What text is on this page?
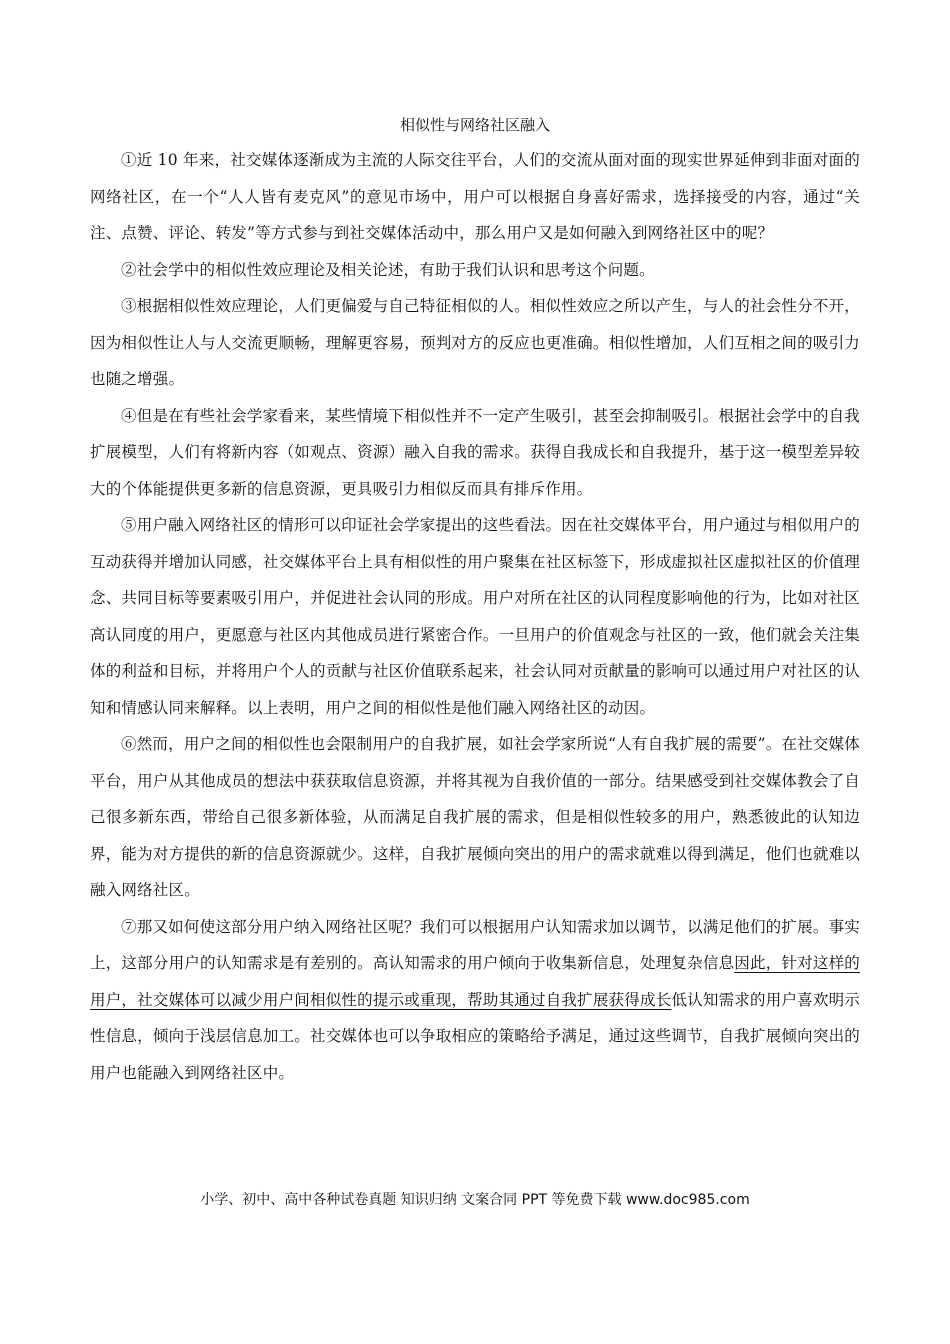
相似性与网络社区融入

①近 10 年来，社交媒体逐渐成为主流的人际交往平台，人们的交流从面对面的现实世界延伸到非面对面的网络社区，在一个“人人皆有麦克风”的意见市场中，用户可以根据自身喜好需求，选择接受的内容，通过“关注、点赞、评论、转发”等方式参与到社交媒体活动中，那么用户又是如何融入到网络社区中的呢？

②社会学中的相似性效应理论及相关论述，有助于我们认识和思考这个问题。

③根据相似性效应理论，人们更偏爱与自己特征相似的人。相似性效应之所以产生，与人的社会性分不开，因为相似性让人与人交流更顺畅，理解更容易，预判对方的反应也更准确。相似性增加，人们互相之间的吸引力也随之增强。

④但是在有些社会学家看来，某些情境下相似性并不一定产生吸引，甚至会抑制吸引。根据社会学中的自我扩展模型，人们有将新内容（如观点、资源）融入自我的需求。获得自我成长和自我提升，基于这一模型差异较大的个体能提供更多新的信息资源，更具吸引力相似反而具有排斥作用。

⑤用户融入网络社区的情形可以印证社会学家提出的这些看法。因在社交媒体平台，用户通过与相似用户的互动获得并增加认同感，社交媒体平台上具有相似性的用户聚集在社区标签下，形成虚拟社区虚拟社区的价值理念、共同目标等要素吸引用户，并促进社会认同的形成。用户对所在社区的认同程度影响他的行为，比如对社区高认同度的用户，更愿意与社区内其他成员进行紧密合作。一旦用户的价值观念与社区的一致，他们就会关注集体的利益和目标，并将用户个人的贡献与社区价值联系起来，社会认同对贡献量的影响可以通过用户对社区的认知和情感认同来解释。以上表明，用户之间的相似性是他们融入网络社区的动因。

⑥然而，用户之间的相似性也会限制用户的自我扩展，如社会学家所说“人有自我扩展的需要”。在社交媒体平台，用户从其他成员的想法中获获取信息资源，并将其视为自我价值的一部分。结果感受到社交媒体教会了自己很多新东西，带给自己很多新体验，从而满足自我扩展的需求，但是相似性较多的用户，熟悉彼此的认知边界，能为对方提供的新的信息资源就少。这样，自我扩展倾向突出的用户的需求就难以得到满足，他们也就难以融入网络社区。

⑦那又如何使这部分用户纳入网络社区呢？我们可以根据用户认知需求加以调节，以满足他们的扩展。事实上，这部分用户的认知需求是有差别的。高认知需求的用户倾向于收集新信息，处理复杂信息因此，针对这样的用户，社交媒体可以减少用户间相似性的提示或重现，帮助其通过自我扩展获得成长低认知需求的用户喜欢明示性信息，倾向于浅层信息加工。社交媒体也可以争取相应的策略给予满足，通过这些调节，自我扩展倾向突出的用户也能融入到网络社区中。

小学、初中、高中各种试卷真题 知识归纳 文案合同 PPT 等免费下载 www.doc985.com
